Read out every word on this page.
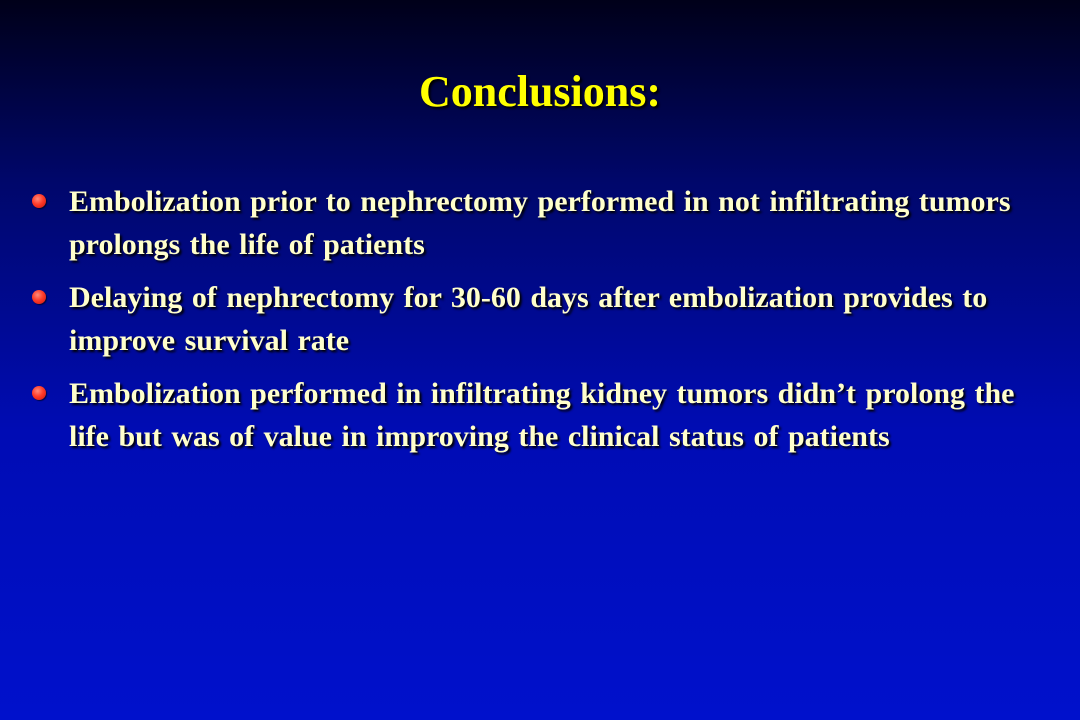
Conclusions:
Embolization prior to nephrectomy performed in not infiltrating tumors prolongs the life of patients
Delaying of nephrectomy for 30-60 days after embolization provides to improve survival rate
Embolization performed in infiltrating kidney tumors didn’t prolong the life but was of value in improving the clinical status of patients
